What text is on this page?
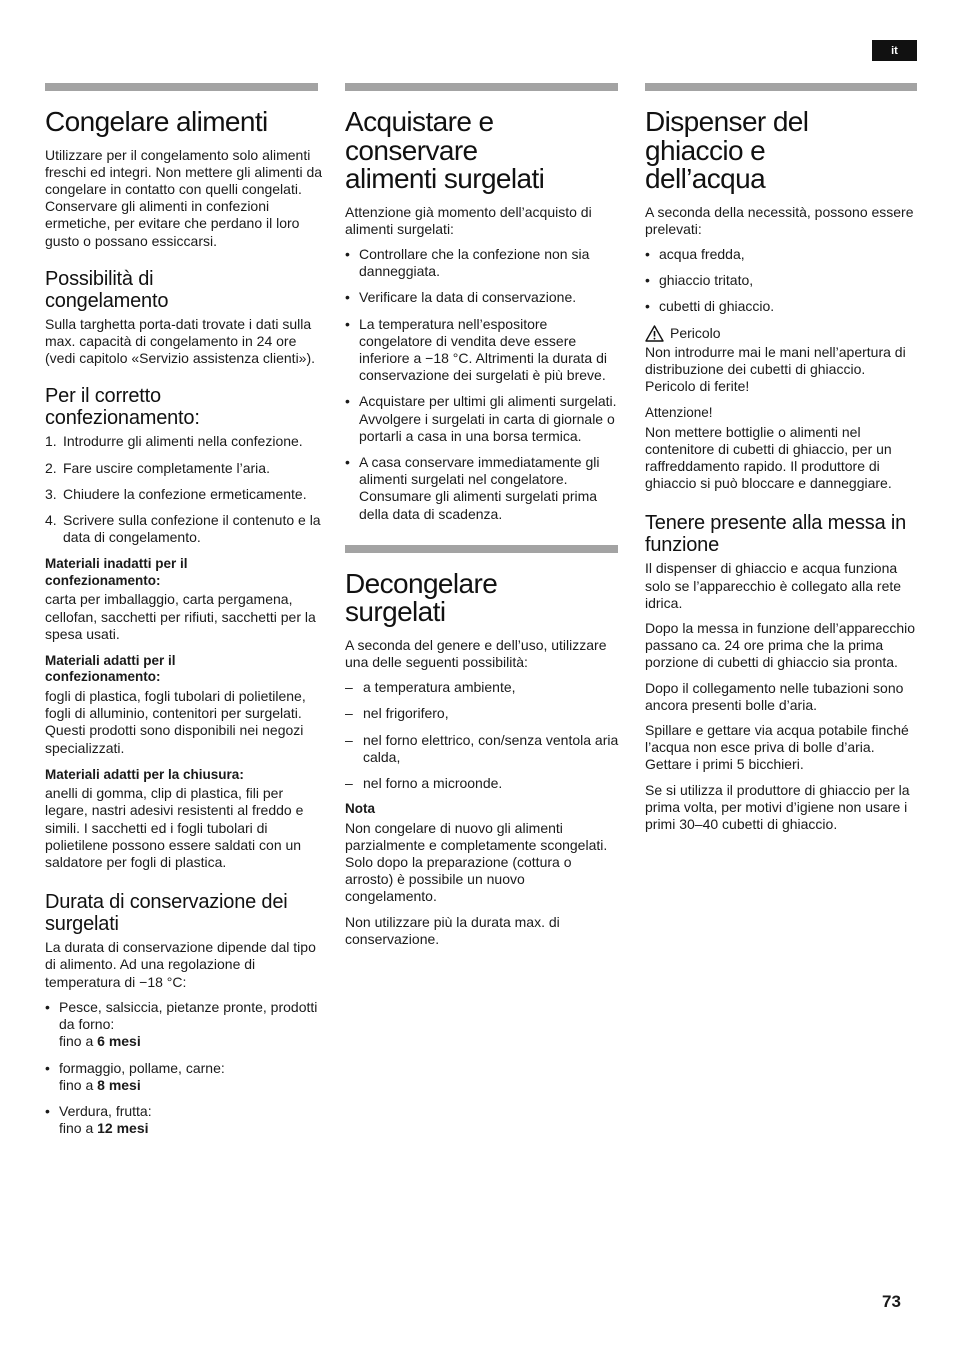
it
Congelare alimenti

Utilizzare per il congelamento solo alimenti freschi ed integri. Non mettere gli alimenti da congelare in contatto con quelli congelati. Conservare gli alimenti in confezioni ermetiche, per evitare che perdano il loro gusto o possano essiccarsi.

Possibilità di congelamento

Sulla targhetta porta-dati trovate i dati sulla max. capacità di congelamento in 24 ore (vedi capitolo «Servizio assistenza clienti»).

Per il corretto confezionamento:
1. Introdurre gli alimenti nella confezione.
2. Fare uscire completamente l’aria.
3. Chiudere la confezione ermeticamente.
4. Scrivere sulla confezione il contenuto e la data di congelamento.
Materiali inadatti per il confezionamento:

carta per imballaggio, carta pergamena, cellofan, sacchetti per rifiuti, sacchetti per la spesa usati.

Materiali adatti per il confezionamento:

fogli di plastica, fogli tubolari di polietilene, fogli di alluminio, contenitori per surgelati. Questi prodotti sono disponibili nei negozi specializzati.

Materiali adatti per la chiusura:

anelli di gomma, clip di plastica, fili per legare, nastri adesivi resistenti al freddo e simili. I sacchetti ed i fogli tubolari di polietilene possono essere saldati con un saldatore per fogli di plastica.

Durata di conservazione dei surgelati

La durata di conservazione dipende dal tipo di alimento. Ad una regolazione di temperatura di −18 °C:

• Pesce, salsiccia, pietanze pronte, prodotti da forno:
fino a 6 mesi
• formaggio, pollame, carne:
fino a 8 mesi
• Verdura, frutta:
fino a 12 mesi
Acquistare e conservare alimenti surgelati

Attenzione già momento dell’acquisto di alimenti surgelati:

• Controllare che la confezione non sia danneggiata.
• Verificare la data di conservazione.
• La temperatura nell’espositore congelatore di vendita deve essere inferiore a −18 °C. Altrimenti la durata di conservazione dei surgelati è più breve.
• Acquistare per ultimi gli alimenti surgelati. Avvolgere i surgelati in carta di giornale o portarli a casa in una borsa termica.
• A casa conservare immediatamente gli alimenti surgelati nel congelatore. Consumare gli alimenti surgelati prima della data di scadenza.
Decongelare surgelati

A seconda del genere e dell’uso, utilizzare una delle seguenti possibilità:

– a temperatura ambiente,
– nel frigorifero,
– nel forno elettrico, con/senza ventola aria calda,
– nel forno a microonde.
Nota

Non congelare di nuovo gli alimenti parzialmente e completamente scongelati. Solo dopo la preparazione (cottura o arrosto) è possibile un nuovo congelamento.

Non utilizzare più la durata max. di conservazione.

Dispenser del ghiaccio e dell’acqua

A seconda della necessità, possono essere prelevati:

• acqua fredda,
• ghiaccio tritato,
• cubetti di ghiaccio.
Pericolo

Non introdurre mai le mani nell’apertura di distribuzione dei cubetti di ghiaccio. Pericolo di ferite!

Attenzione!

Non mettere bottiglie o alimenti nel contenitore di cubetti di ghiaccio, per un raffreddamento rapido. Il produttore di ghiaccio si può bloccare e danneggiare.

Tenere presente alla messa in funzione

Il dispenser di ghiaccio e acqua funziona solo se l’apparecchio è collegato alla rete idrica.

Dopo la messa in funzione dell’apparecchio passano ca. 24 ore prima che la prima porzione di cubetti di ghiaccio sia pronta.

Dopo il collegamento nelle tubazioni sono ancora presenti bolle d’aria.

Spillare e gettare via acqua potabile finché l’acqua non esce priva di bolle d’aria. Gettare i primi 5 bicchieri.

Se si utilizza il produttore di ghiaccio per la prima volta, per motivi d’igiene non usare i primi 30–40 cubetti di ghiaccio.

73
